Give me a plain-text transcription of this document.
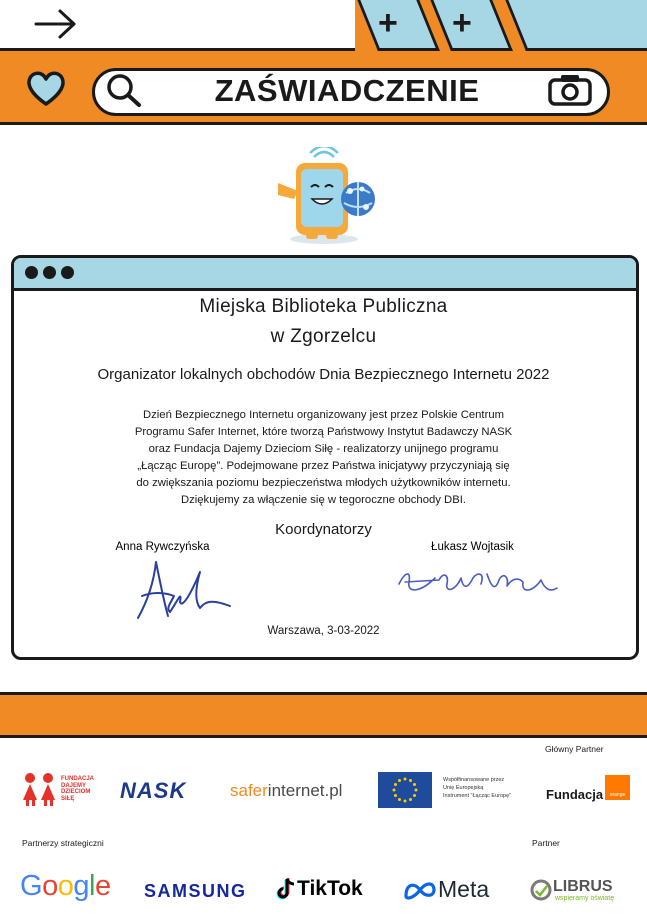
+ +
ZAŚWIADCZENIE
Miejska Biblioteka Publiczna
w Zgorzelcu
Organizator lokalnych obchodów Dnia Bezpiecznego Internetu 2022
Dzień Bezpiecznego Internetu organizowany jest przez Polskie Centrum
Programu Safer Internet, które tworzą Państwowy Instytut Badawczy NASK
oraz Fundacja Dajemy Dzieciom Siłę - realizatorzy unijnego programu
„Łącząc Europę”. Podejmowane przez Państwa inicjatywy przyczyniają się
do zwiększania poziomu bezpieczeństwa młodych użytkowników internetu.
Dziękujemy za włączenie się w tegoroczne obchody DBI.
Koordynatorzy
Anna Rywczyńska	Łukasz Wojtasik
Warszawa, 3-03-2022
Główny Partner
FUNDACJA
DAJEMY
DZIECIOM
SIŁĘ	NASK	saferinternet.pl
Współfinansowane przez
Unię Europejską
Instrument "Łącząc Europę"	Fundacja	orange
Partnerzy strategiczni	Partner
Google SAMSUNG TikTok	Meta	LIBRUS
wspieramy oświatę
